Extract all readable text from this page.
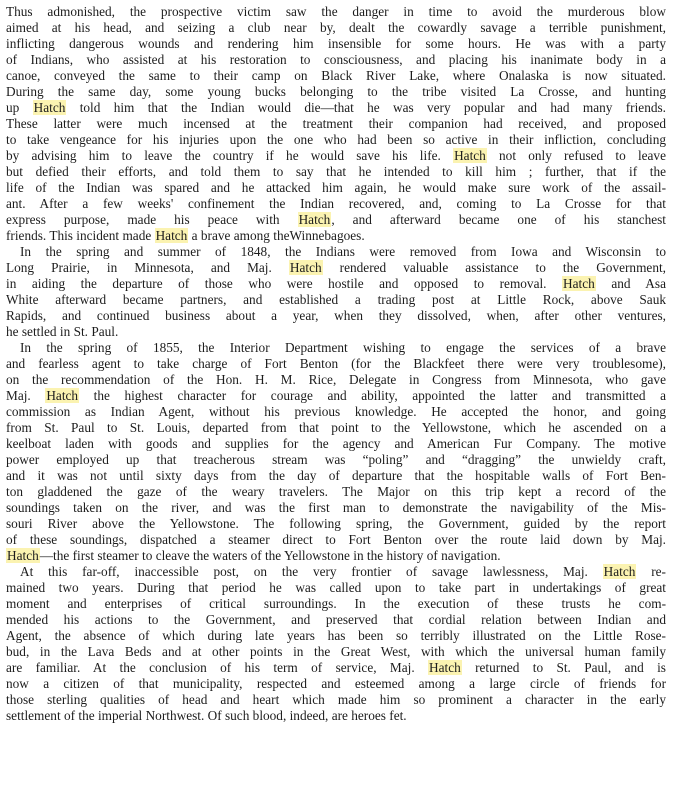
Thus admonished, the prospective victim saw the danger in time to avoid the murderous blow
aimed at his head, and seizing a club near by, dealt the cowardly savage a terrible punishment,
inflicting dangerous wounds and rendering him insensible for some hours. He was with a party
of Indians, who assisted at his restoration to consciousness, and placing his inanimate body in a
canoe, conveyed the same to their camp on Black River Lake, where Onalaska is now situated.
During the same day, some young bucks belonging to the tribe visited La Crosse, and hunting
up Hatch told him that the Indian would die—that he was very popular and had many friends.
These latter were much incensed at the treatment their companion had received, and proposed
to take vengeance for his injuries upon the one who had been so active in their infliction, concluding
by advising him to leave the country if he would save his life. Hatch not only refused to leave
but defied their efforts, and told them to say that he intended to kill him ; further, that if the
life of the Indian was spared and he attacked him again, he would make sure work of the assail-
ant. After a few weeks' confinement the Indian recovered, and, coming to La Crosse for that
express purpose, made his peace with Hatch, and afterward became one of his stanchest
friends. This incident made Hatch a brave among theWinnebagoes.
In the spring and summer of 1848, the Indians were removed from Iowa and Wisconsin to
Long Prairie, in Minnesota, and Maj. Hatch rendered valuable assistance to the Government,
in aiding the departure of those who were hostile and opposed to removal. Hatch and Asa
White afterward became partners, and established a trading post at Little Rock, above Sauk
Rapids, and continued business about a year, when they dissolved, when, after other ventures,
he settled in St. Paul.
In the spring of 1855, the Interior Department wishing to engage the services of a brave
and fearless agent to take charge of Fort Benton (for the Blackfeet there were very troublesome),
on the recommendation of the Hon. H. M. Rice, Delegate in Congress from Minnesota, who gave
Maj. Hatch the highest character for courage and ability, appointed the latter and transmitted a
commission as Indian Agent, without his previous knowledge. He accepted the honor, and going
from St. Paul to St. Louis, departed from that point to the Yellowstone, which he ascended on a
keelboat laden with goods and supplies for the agency and American Fur Company. The motive
power employed up that treacherous stream was “poling” and “dragging” the unwieldy craft,
and it was not until sixty days from the day of departure that the hospitable walls of Fort Ben-
ton gladdened the gaze of the weary travelers. The Major on this trip kept a record of the
soundings taken on the river, and was the first man to demonstrate the navigability of the Mis-
souri River above the Yellowstone. The following spring, the Government, guided by the report
of these soundings, dispatched a steamer direct to Fort Benton over the route laid down by Maj.
Hatch—the first steamer to cleave the waters of the Yellowstone in the history of navigation.
At this far-off, inaccessible post, on the very frontier of savage lawlessness, Maj. Hatch re-
mained two years. During that period he was called upon to take part in undertakings of great
moment and enterprises of critical surroundings. In the execution of these trusts he com-
mended his actions to the Government, and preserved that cordial relation between Indian and
Agent, the absence of which during late years has been so terribly illustrated on the Little Rose-
bud, in the Lava Beds and at other points in the Great West, with which the universal human family
are familiar. At the conclusion of his term of service, Maj. Hatch returned to St. Paul, and is
now a citizen of that municipality, respected and esteemed among a large circle of friends for
those sterling qualities of head and heart which made him so prominent a character in the early
settlement of the imperial Northwest. Of such blood, indeed, are heroes fet.
